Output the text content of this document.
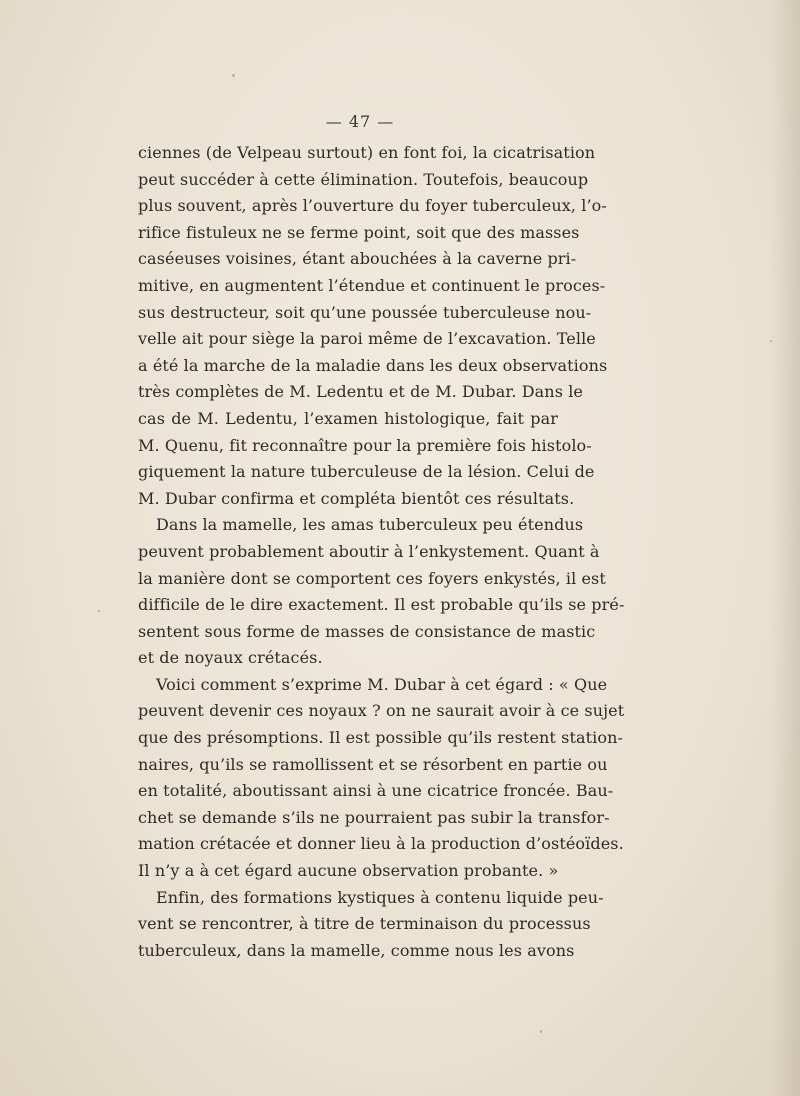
— 47 —
ciennes (de Velpeau surtout) en font foi, la cicatrisation
peut succéder à cette élimination. Toutefois, beaucoup
plus souvent, après l’ouverture du foyer tuberculeux, l’o-
rifice fistuleux ne se ferme point, soit que des masses
caséeuses voisines, étant abouchées à la caverne pri-
mitive, en augmentent l’étendue et continuent le proces-
sus destructeur, soit qu’une poussée tuberculeuse nou-
velle ait pour siège la paroi même de l’excavation. Telle
a été la marche de la maladie dans les deux observations
très complètes de M. Ledentu et de M. Dubar. Dans le
cas de M. Ledentu, l’examen histologique, fait par
M. Quenu, fit reconnaître pour la première fois histolo-
giquement la nature tuberculeuse de la lésion. Celui de
M. Dubar confirma et compléta bientôt ces résultats.
Dans la mamelle, les amas tuberculeux peu étendus
peuvent probablement aboutir à l’enkystement. Quant à
la manière dont se comportent ces foyers enkystés, il est
difficile de le dire exactement. Il est probable qu’ils se pré-
sentent sous forme de masses de consistance de mastic
et de noyaux crétacés.
Voici comment s’exprime M. Dubar à cet égard : « Que
peuvent devenir ces noyaux ? on ne saurait avoir à ce sujet
que des présomptions. Il est possible qu’ils restent station-
naires, qu’ils se ramollissent et se résorbent en partie ou
en totalité, aboutissant ainsi à une cicatrice froncée. Bau-
chet se demande s’ils ne pourraient pas subir la transfor-
mation crétacée et donner lieu à la production d’ostéoïdes.
Il n’y a à cet égard aucune observation probante. »
Enfin, des formations kystiques à contenu liquide peu-
vent se rencontrer, à titre de terminaison du processus
tuberculeux, dans la mamelle, comme nous les avons
